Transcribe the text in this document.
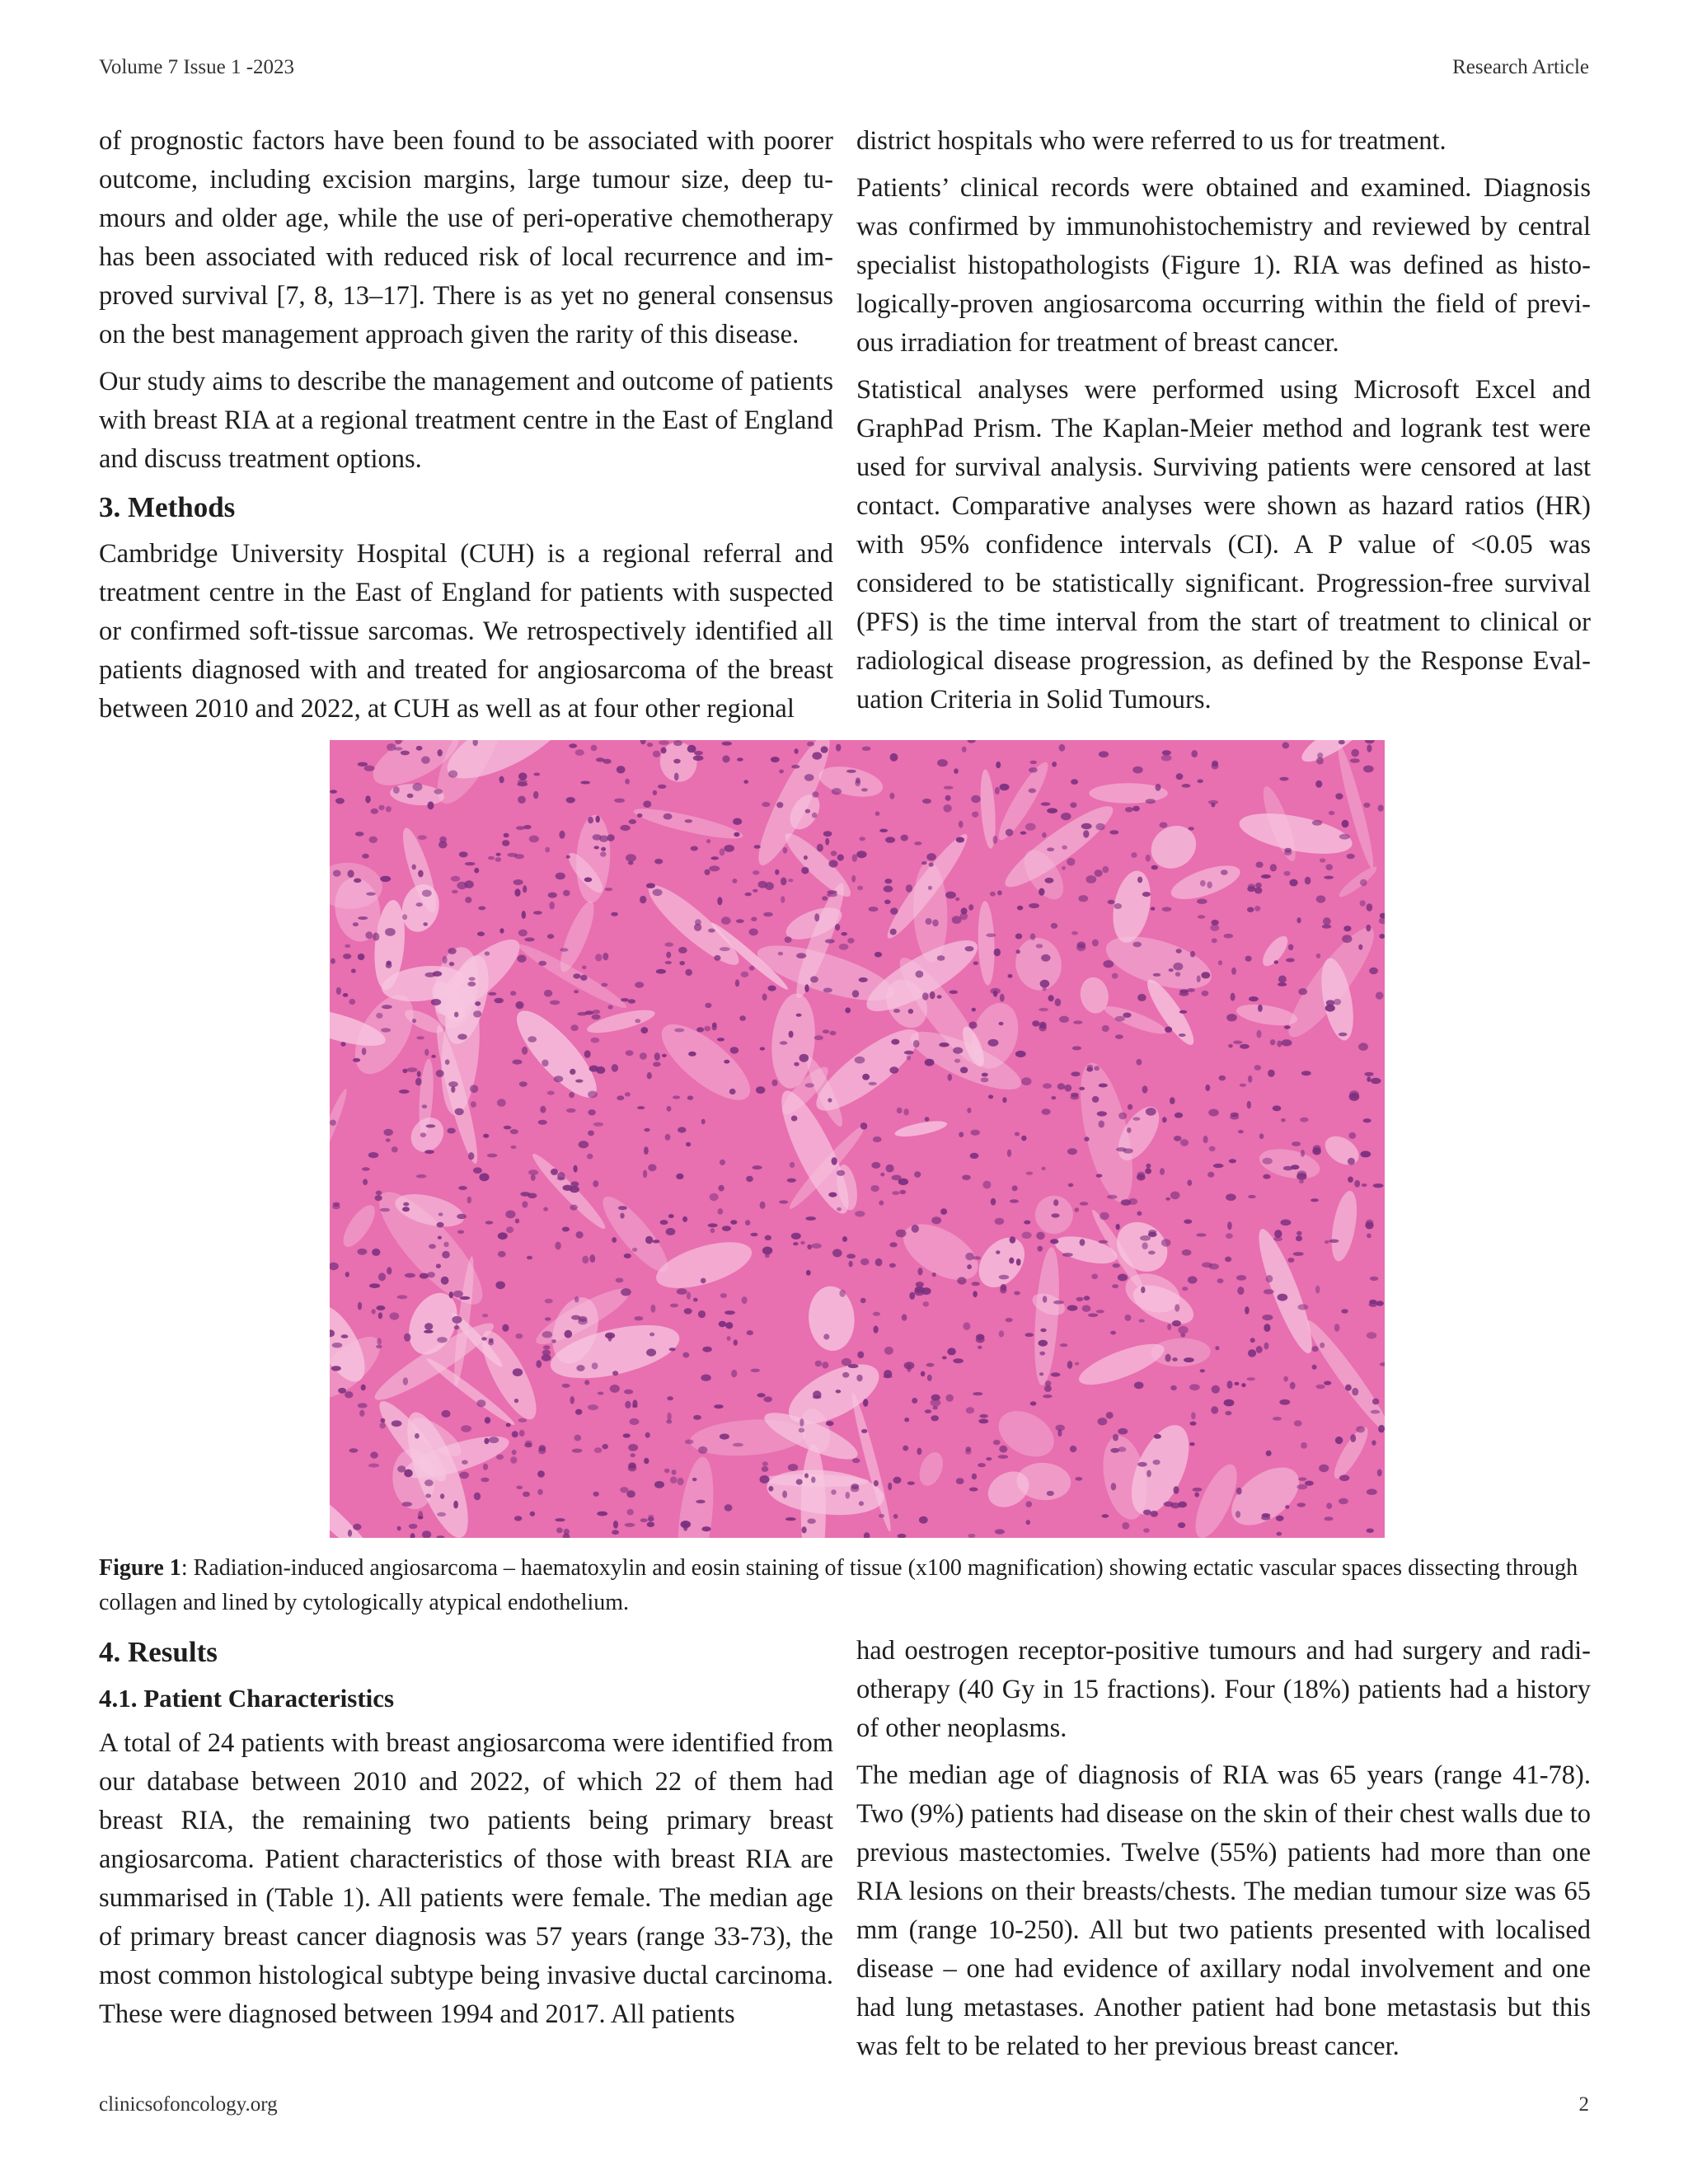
Volume 7 Issue 1 -2023	Research Article

of prognostic factors have been found to be associated with poorer outcome, including excision margins, large tumour size, deep tumours and older age, while the use of peri-operative chemotherapy has been associated with reduced risk of local recurrence and improved survival [7, 8, 13–17]. There is as yet no general consensus on the best management approach given the rarity of this disease.

Our study aims to describe the management and outcome of patients with breast RIA at a regional treatment centre in the East of England and discuss treatment options.

3. Methods

Cambridge University Hospital (CUH) is a regional referral and treatment centre in the East of England for patients with suspected or confirmed soft-tissue sarcomas. We retrospectively identified all patients diagnosed with and treated for angiosarcoma of the breast between 2010 and 2022, at CUH as well as at four other regional

district hospitals who were referred to us for treatment.

Patients’ clinical records were obtained and examined. Diagnosis was confirmed by immunohistochemistry and reviewed by central specialist histopathologists (Figure 1). RIA was defined as histologically-proven angiosarcoma occurring within the field of previous irradiation for treatment of breast cancer.

Statistical analyses were performed using Microsoft Excel and GraphPad Prism. The Kaplan-Meier method and logrank test were used for survival analysis. Surviving patients were censored at last contact. Comparative analyses were shown as hazard ratios (HR) with 95% confidence intervals (CI). A P value of <0.05 was considered to be statistically significant. Progression-free survival (PFS) is the time interval from the start of treatment to clinical or radiological disease progression, as defined by the Response Evaluation Criteria in Solid Tumours.

Figure 1: Radiation-induced angiosarcoma – haematoxylin and eosin staining of tissue (x100 magnification) showing ectatic vascular spaces dissecting through collagen and lined by cytologically atypical endothelium.
4. Results
4.1. Patient Characteristics

A total of 24 patients with breast angiosarcoma were identified from our database between 2010 and 2022, of which 22 of them had breast RIA, the remaining two patients being primary breast angiosarcoma. Patient characteristics of those with breast RIA are summarised in (Table 1). All patients were female. The median age of primary breast cancer diagnosis was 57 years (range 33-73), the most common histological subtype being invasive ductal carcinoma. These were diagnosed between 1994 and 2017. All patients

had oestrogen receptor-positive tumours and had surgery and radiotherapy (40 Gy in 15 fractions). Four (18%) patients had a history of other neoplasms.

The median age of diagnosis of RIA was 65 years (range 41-78). Two (9%) patients had disease on the skin of their chest walls due to previous mastectomies. Twelve (55%) patients had more than one RIA lesions on their breasts/chests. The median tumour size was 65 mm (range 10-250). All but two patients presented with localised disease – one had evidence of axillary nodal involvement and one had lung metastases. Another patient had bone metastasis but this was felt to be related to her previous breast cancer.

clinicsofoncology.org	2
